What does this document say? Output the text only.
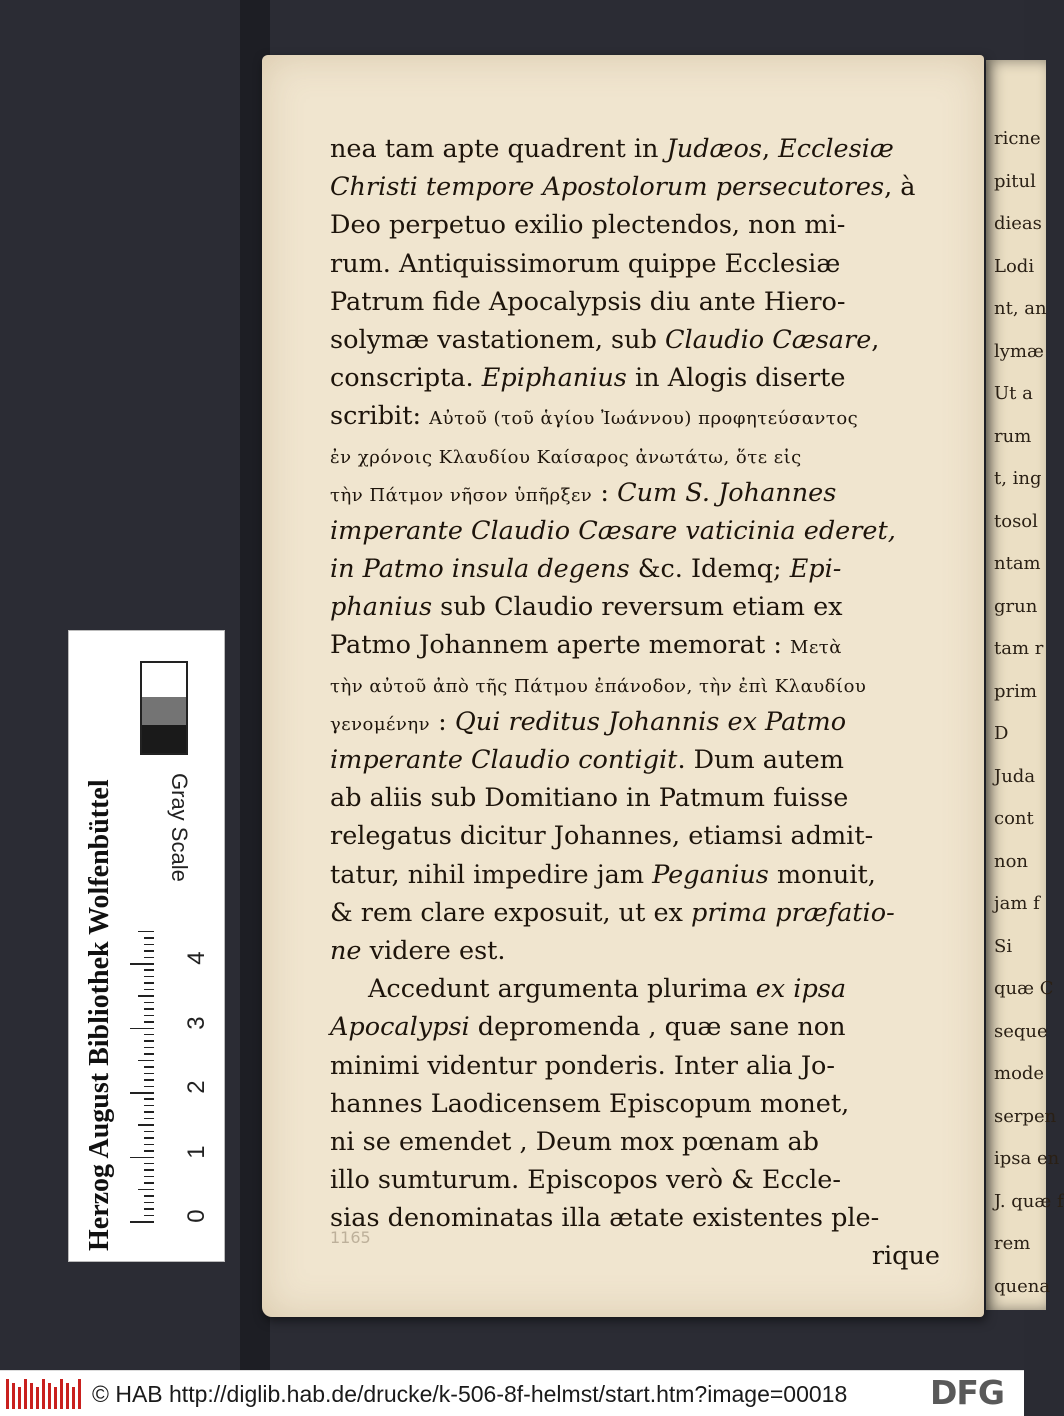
ricne
pitul
dieas
Lodi
nt, an
lymæ
Ut a
rum
t, ing
tosol
ntam
grun
tam r
prim
D
Juda
cont
non
jam f
Si
quæ C
seque
mode
serpen
ipsa en
J. quæ f
rem
quena
nea tam apte quadrent in Judæos, Ecclesiæ
Christi tempore Apostolorum persecutores, à
Deo perpetuo exilio plectendos, non mi-
rum. Antiquissimorum quippe Ecclesiæ
Patrum fide Apocalypsis diu ante Hiero-
solymæ vastationem, sub Claudio Cæsare,
conscripta. Epiphanius in Alogis diserte
scribit: Αὐτοῦ (τοῦ ἁγίου Ἰωάννου) προφητεύσαντος
ἐν χρόνοις Κλαυδίου Καίσαρος ἀνωτάτω, ὅτε εἰς
τὴν Πάτμον νῆσον ὑπῆρξεν : Cum S. Johannes
imperante Claudio Cæsare vaticinia ederet,
in Patmo insula degens &c. Idemq; Epi-
phanius sub Claudio reversum etiam ex
Patmo Johannem aperte memorat : Μετὰ
τὴν αὐτοῦ ἀπὸ τῆς Πάτμου ἐπάνοδον, τὴν ἐπὶ Κλαυδίου
γενομένην : Qui reditus Johannis ex Patmo
imperante Claudio contigit. Dum autem
ab aliis sub Domitiano in Patmum fuisse
relegatus dicitur Johannes, etiamsi admit-
tatur, nihil impedire jam Peganius monuit,
& rem clare exposuit, ut ex prima præfatio-
ne videre est.
Accedunt argumenta plurima ex ipsa
Apocalypsi depromenda , quæ sane non
minimi videntur ponderis. Inter alia Jo-
hannes Laodicensem Episcopum monet,
ni se emendet , Deum mox pœnam ab
illo sumturum. Episcopos verò & Eccle-
sias denominatas illa ætate existentes ple-
rique
1165
Herzog August Bibliothek Wolfenbüttel	Gray Scale
0
1
2
3
4
© HAB http://diglib.hab.de/drucke/k-506-8f-helmst/start.htm?image=00018	DFG
